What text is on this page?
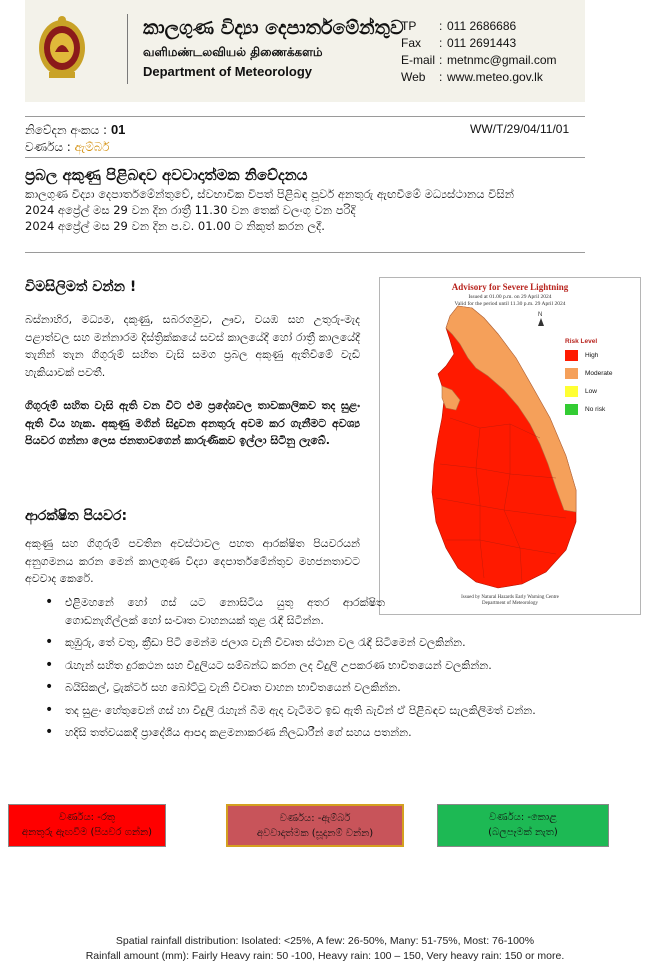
කාලගුණ විද්‍යා දෙපාර්තමේන්තුව
வளிமண்டலவியல் திணைக்களம்
Department of Meteorology
TP	: 011 2686686
Fax	: 011 2691443
E-mail : metnmc@gmail.com
Web	: www.meteo.gov.lk
නිවේදන අංකය : 01	WW/T/29/04/11/01
වර්ණය : ඇම්බර්
ප්‍රබල අකුණු පිළිබඳව අවවාදාත්මක නිවේදනය
කාලගුණ විද්‍යා දෙපාර්තමේන්තුවේ, ස්වභාවික විපත් පිළිබඳ පූර්ව අනතුරු ඇඟවීමේ මධ්‍යස්ථානය විසින්
2024 අප්‍රේල් මස 29 වන දින රාත්‍රී 11.30 වන තෙක් වලංගු වන පරිදි
2024 අප්‍රේල් මස 29 වන දින ප.ව. 01.00 ට නිකුත් කරන ලදී.
විමසිලිමත් වන්න !
බස්නාහිර, මධ්‍යම, දකුණු, සබරගමුව, ඌව, වයඹ සහ උතුරු-මැද පළාත්වල සහ මන්නාරම දිස්ත්‍රික්කයේ සවස් කාලයේදී හෝ රාත්‍රී කාලයේදී තැනින් තැන ගිගුරුම් සහිත වැසි සමග ප්‍රබල අකුණු ඇතිවීමේ වැඩි හැකියාවක් පවතී.
ගිගුරුම් සහිත වැසි ඇති වන විට එම ප්‍රදේශවල තාවකාලිකව තද සුළං ඇති විය හැක. අකුණු මගින් සිදුවන අනතුරු අවම කර ගැනීමට අවශ්‍ය පියවර ගන්නා ලෙස ජනතාවගෙන් කාරුණිකව ඉල්ලා සිටිනු ලැබේ.
ආරක්ෂිත පියවර:
අකුණු සහ ගිගුරුම් පවතින අවස්ථාවල පහත ආරක්ෂිත පියවරයන් අනුගමනය කරන මෙන් කාලගුණ විද්‍යා දෙපාර්තමේන්තුව මහජනතාවට අවවාද කෙරේ.
Advisory for Severe Lightning
Issued at 01.00 p.m. on 29 April 2024
Valid for the period until 11.30 p.m. 29 April 2024
N
Risk Level
High
Moderate
Low
No risk
Issued by Natural Hazards Early Warning Centre
Department of Meteorology
• එළිමහනේ හෝ ගස් යට නොසිටිය යුතු අතර ආරක්ෂිත ගොඩනැගිල්ලක් හෝ සංවෘත වාහනයක් තුළ රැඳී සිටින්න.
• කුඹුරු, තේ වතු, ක්‍රීඩා පිටි මෙන්ම ජලාශ වැනි විවෘත ස්ථාන වල රැඳී සිටීමෙන් වලකින්න.
• රැහැන් සහිත දුරකථන සහ විදුලියට සම්බන්ධ කරන ලද විදුලි උපකරණ භාවිතයෙන් වලකින්න.
• බයිසිකල්, ට්‍රැක්ටර් සහ බෝට්ටු වැනි විවෘත වාහන භාවිතයෙන් වලකින්න.
• තද සුළං හේතුවෙන් ගස් හා විදුලි රැහැන් බිම ඇද වැටීමට ඉඩ ඇති බැවින් ඒ පිළිබඳව සැලකිලිමත් වන්න.
• හදිසි තත්වයකදී ප්‍රාදේශීය ආපදා කළමනාකරණ නිලධාරීන් ගේ සහය පතන්න.
වර්ණය: -රතු
අනතුරු ඇඟවීම (පියවර ගන්න)
වර්ණය: -ඇම්බර්
අවවාදාත්මක (සූදානම් වන්න)
වර්ණය: -කොළ
(බලපෑමක් නැත)
Spatial rainfall distribution: Isolated: <25%, A few: 26-50%, Many: 51-75%, Most: 76-100%
Rainfall amount (mm): Fairly Heavy rain: 50 -100, Heavy rain: 100 – 150, Very heavy rain: 150 or more.
